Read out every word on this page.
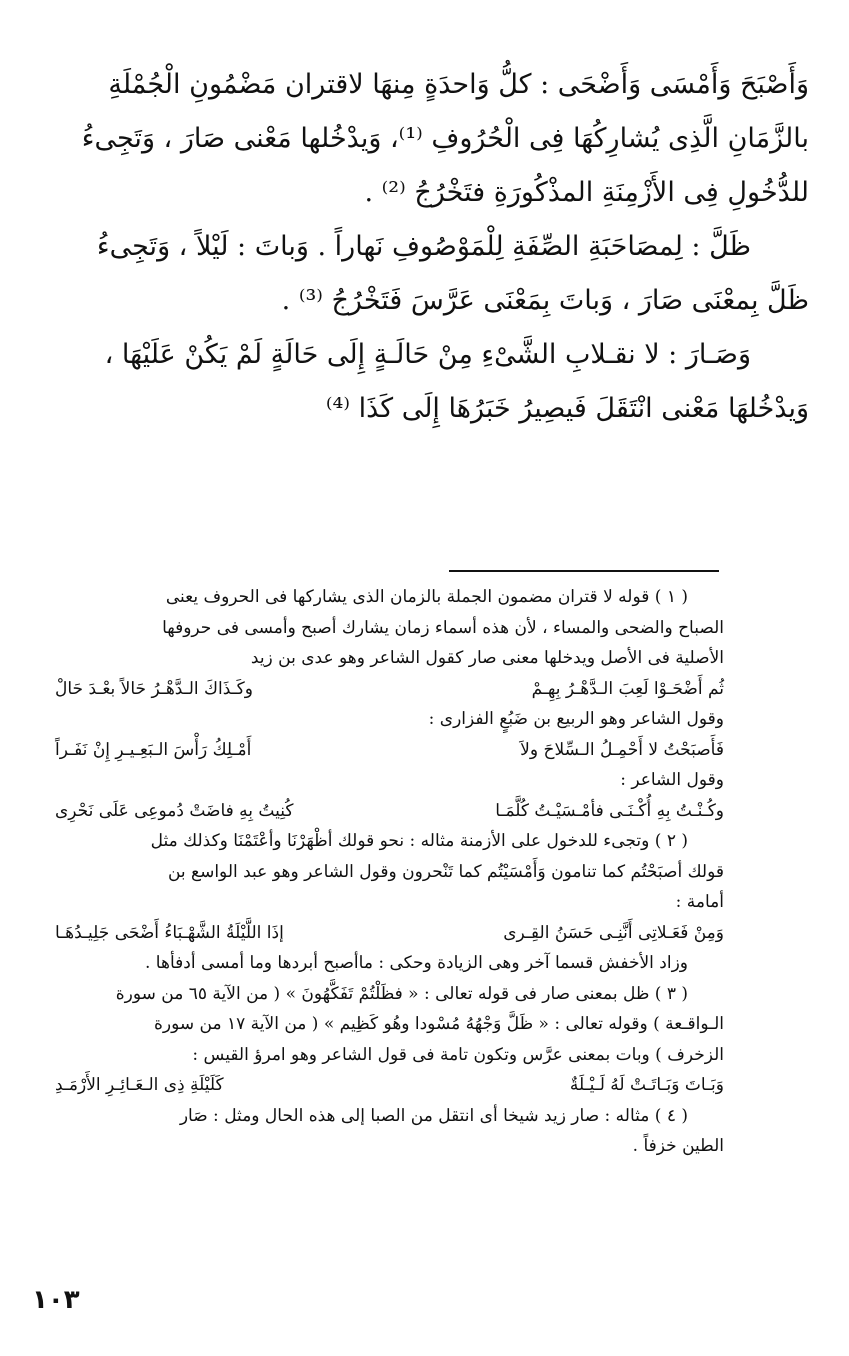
وَأَصْبَحَ وَأَمْسَى وَأَضْحَى : كلُّ وَاحدَةٍ مِنهَا لاقتران مَضْمُونِ الْجُمْلَةِ
بالزَّمَانِ الَّذِى يُشارِكُهَا فِى الْحُرُوفِ ⁽¹⁾، وَيدْخُلها مَعْنى صَارَ ، وَتَجِىءُ
للدُّخُولِ فِى الأَزْمِنَةِ المذْكُورَةِ فتَخْرُجُ ⁽²⁾ .
ظَلَّ : لِمصَاحَبَةِ الصِّفَةِ لِلْمَوْصُوفِ نَهاراً . وَباتَ : لَيْلاً ، وَتَجِىءُ
ظَلَّ بِمعْنَى صَارَ ، وَباتَ بِمَعْنَى عَرَّسَ فَتَخْرُجُ ⁽³⁾ .
وَصَـارَ : لا نقـلابِ الشَّىْءِ مِنْ حَالَـةٍ إِلَى حَالَةٍ لَمْ يَكُنْ عَلَيْهَا ،
وَيدْخُلهَا مَعْنى انْتَقَلَ فَيصِيرُ خَبَرُهَا إِلَى كَذَا ⁽⁴⁾
( ١ ) قوله لا قتران مضمون الجملة بالزمان الذى يشاركها فى الحروف يعنى
الصباح والضحى والمساء ، لأن هذه أسماء زمان يشارك أصبح وأمسى فى حروفها
الأصلية فى الأصل ويدخلها معنى صار كقول الشاعر وهو عدى بن زيد
ثُم أَضْحَـوْا لَعِبَ الـدَّهْـرُ بِهِـمْ
وكَـذَاكَ الـدَّهْـرُ حَالاً بعْـدَ حَالْ
وقول الشاعر وهو الربيع بن ضَبُعٍ الفزارى :
فَأَصبَحْتُ لا أَحْمِـلُ الـسِّلاحَ ولاَ
أَمْـلِكُ رَأْسَ الـبَعِـيـرِ إِنْ نَفَـراً
وقول الشاعر :
وكُـنْـتُ بِهِ أُكْـنَـى فأمْـسَيْـتُ كُلَّمَـا
كُنِيتُ بِهِ فاضَتْ دُموعِى عَلَى نَحْرِى
( ٢ ) وتجىء للدخول على الأزمنة مثاله : نحو قولك أظْهَرْنَا وأعْتَمْنَا وكذلك مثل
قولك أصبَحْتُم كما تنامون وَأَمْسَيْتُم كما تَنْحرون وقول الشاعر وهو عبد الواسع بن
أمامة :
وَمِنْ فَعَـلاتِى أَنَّنِـى حَسَنُ القِـرى
إذَا اللَّيْلَةُ الشَّهْـبَاءُ أَضْحَى جَلِيـدُهَـا
وزاد الأخفش قسما آخر وهى الزيادة وحكى : ماأصبح أبردها وما أمسى أدفأها .
( ٣ ) ظل بمعنى صار فى قوله تعالى : « فظَلْتُمْ تَفَكَّهُونَ » ( من الآية ٦٥ من سورة
الـواقـعة ) وقوله تعالى : « ظَلَّ وَجْهُهُ مُسْودا وهُو كَظِيم » ( من الآية ١٧ من سورة
الزخرف ) وبات بمعنى عرَّس وتكون تامة فى قول الشاعر وهو امرؤ القيس :
وَبَـاتَ وَبَـاتَـتْ لَهُ لَـيْـلَةٌ
كَلَيْلَةِ ذِى الـعَـائِـرِ الأَرْمَـدِ
( ٤ ) مثاله : صار زيد شيخا أى انتقل من الصبا إلى هذه الحال ومثل : صَار
الطين خزفاً .
١٠٣
